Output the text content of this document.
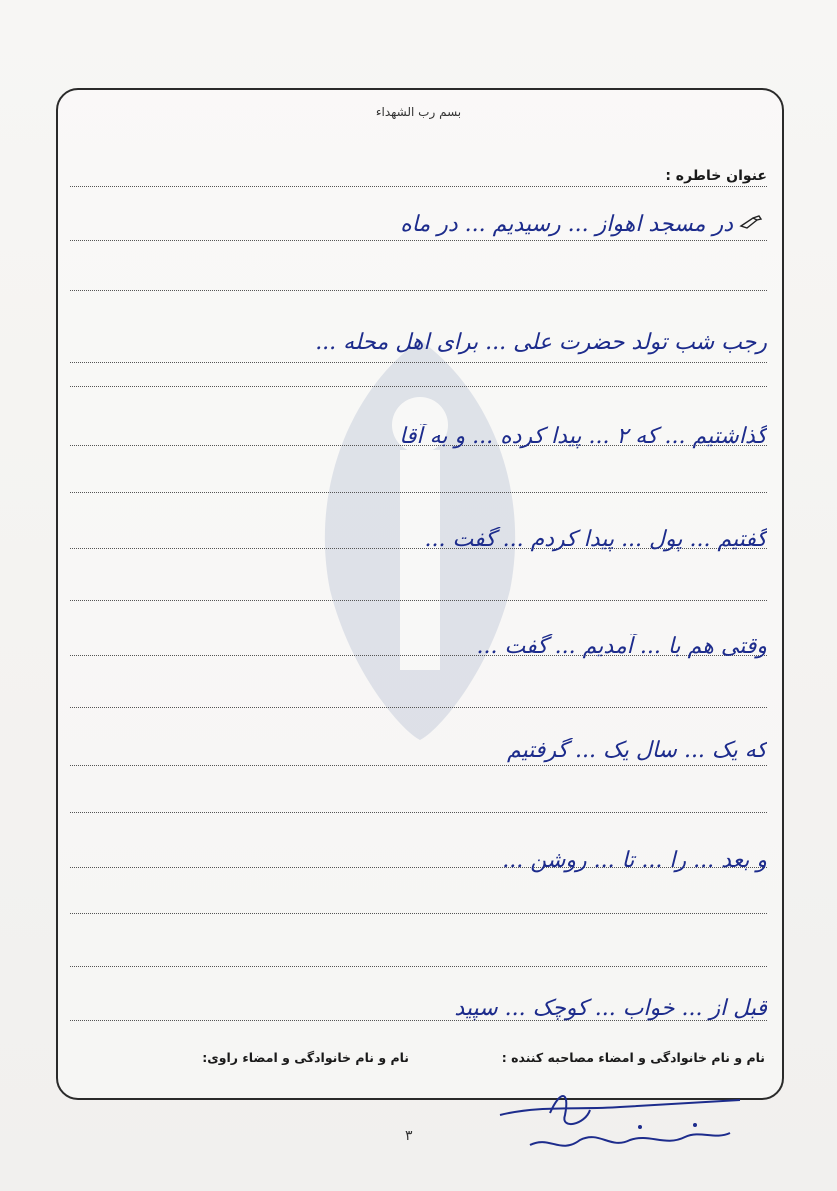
بسم رب الشهداء
عنوان خاطره :
در مسجد اهواز ... رسیدیم ... در ماه
رجب شب تولد حضرت علی ... برای اهل محله ...
گذاشتیم ... که ۲ ... پیدا کرده ... و به آقا
گفتیم ... پول ... پیدا کردم ... گفت ...
وقتی هم با ... آمدیم ... گفت ...
که یک ... سال یک ... گرفتیم
و بعد ... را ... تا ... روشن ...
قبل از ... خواب ... کوچک ... سپید
نام و نام خانوادگی و امضاء مصاحبه کننده :
نام و نام خانوادگی و امضاء راوی:
۳
